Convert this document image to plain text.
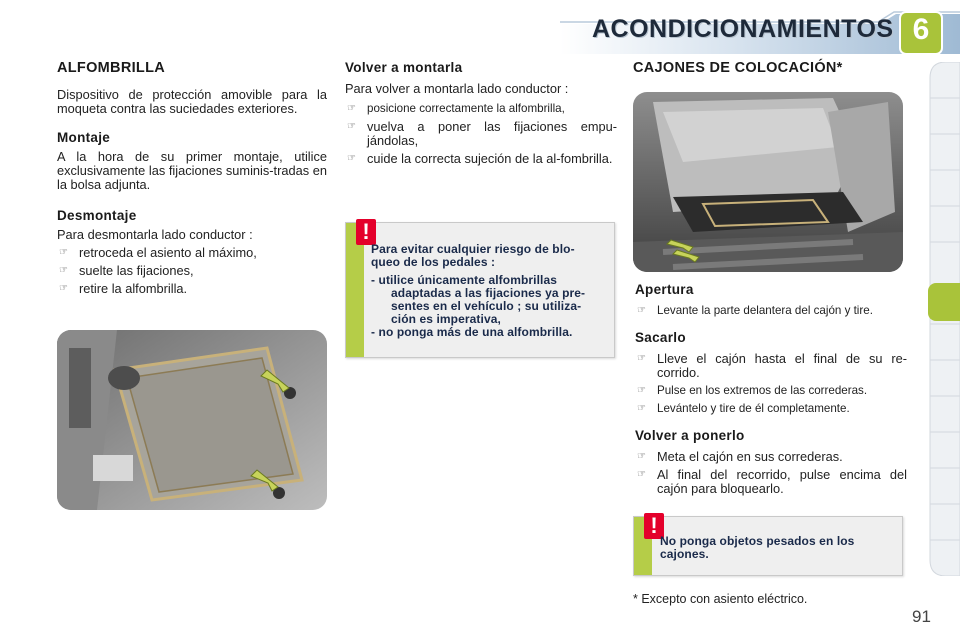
ACONDICIONAMIENTOS 6
ALFOMBRILLA

Dispositivo de protección amovible para la moqueta contra las suciedades exteriores.

Montaje

A la hora de su primer montaje, utilice exclusivamente las fijaciones suminis-tradas en la bolsa adjunta.

Desmontaje

Para desmontarla lado conductor :

☞ retroceda el asiento al máximo,
☞ suelte las fijaciones,
☞ retire la alfombrilla.
Volver a montarla

Para volver a montarla lado conductor :

☞ posicione correctamente la alfombrilla,
☞ vuelva a poner las fijaciones empu-jándolas,
☞ cuide la correcta sujeción de la al-fombrilla.
!
Para evitar cualquier riesgo de blo-
queo de los pedales :
- utilice únicamente alfombrillas
adaptadas a las fijaciones ya pre-
sentes en el vehículo ; su utiliza-
ción es imperativa,
- no ponga más de una alfombrilla.
CAJONES DE COLOCACIÓN*
Apertura
☞ Levante la parte delantera del cajón y tire.
Sacarlo
☞ Lleve el cajón hasta el final de su re-corrido.
☞ Pulse en los extremos de las correderas.
☞ Levántelo y tire de él completamente.
Volver a ponerlo
☞ Meta el cajón en sus correderas.
☞ Al final del recorrido, pulse encima del cajón para bloquearlo.
!
No ponga objetos pesados en los
cajones.
* Excepto con asiento eléctrico.
91
